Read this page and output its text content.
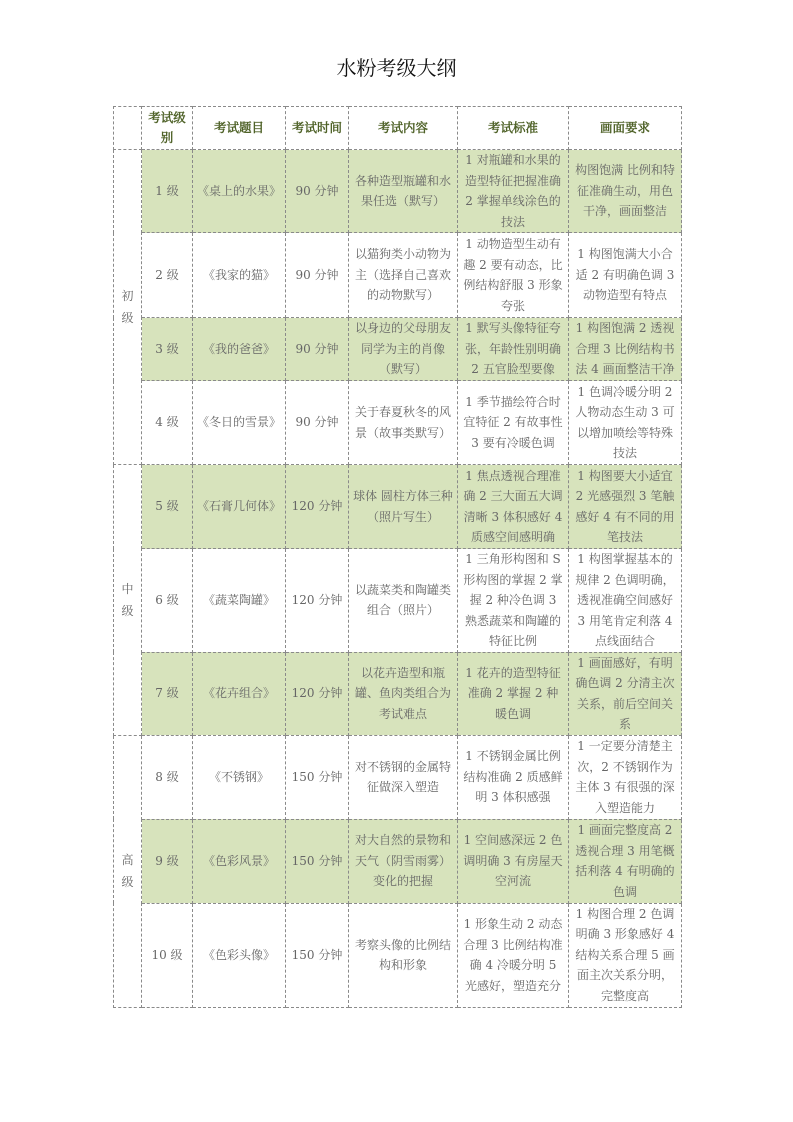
水粉考级大纲
	考试级别	考试题目	考试时间	考试内容	考试标准	画面要求

初级	1 级	《桌上的水果》	90 分钟	各种造型瓶罐和水果任选（默写）	1 对瓶罐和水果的造型特征把握准确 2 掌握单线涂色的技法	构图饱满 比例和特征准确生动，用色干净，画面整洁
	2 级	《我家的猫》	90 分钟	以猫狗类小动物为主（选择自己喜欢的动物默写）	1 动物造型生动有趣 2 要有动态，比例结构舒服 3 形象夸张	1 构图饱满大小合适 2 有明确色调 3 动物造型有特点
	3 级	《我的爸爸》	90 分钟	以身边的父母朋友同学为主的肖像（默写）	1 默写头像特征夸张，年龄性别明确 2 五官脸型要像	1 构图饱满 2 透视合理 3 比例结构书法 4 画面整洁干净
	4 级	《冬日的雪景》	90 分钟	关于春夏秋冬的风景（故事类默写）	1 季节描绘符合时宜特征 2 有故事性 3 要有冷暖色调	1 色调冷暖分明 2 人物动态生动 3 可以增加喷绘等特殊技法

中级	5 级	《石膏几何体》	120 分钟	球体 圆柱方体三种（照片写生）	1 焦点透视合理准确 2 三大面五大调清晰 3 体积感好 4 质感空间感明确	1 构图要大小适宜 2 光感强烈 3 笔触感好 4 有不同的用笔技法
	6 级	《蔬菜陶罐》	120 分钟	以蔬菜类和陶罐类组合（照片）	1 三角形构图和 S 形构图的掌握 2 掌握 2 种冷色调 3 熟悉蔬菜和陶罐的特征比例	1 构图掌握基本的规律 2 色调明确，透视准确空间感好 3 用笔肯定利落 4 点线面结合
	7 级	《花卉组合》	120 分钟	以花卉造型和瓶罐、鱼肉类组合为考试难点	1 花卉的造型特征准确 2 掌握 2 种暖色调	1 画面感好，有明确色调 2 分清主次关系，前后空间关系

高级	8 级	《不锈钢》	150 分钟	对不锈钢的金属特征做深入塑造	1 不锈钢金属比例结构准确 2 质感鲜明 3 体积感强	1 一定要分清楚主次，2 不锈钢作为主体 3 有很强的深入塑造能力
	9 级	《色彩风景》	150 分钟	对大自然的景物和天气（阴雪雨雾）变化的把握	1 空间感深远 2 色调明确 3 有房屋天空河流	1 画面完整度高 2 透视合理 3 用笔概括利落 4 有明确的色调
	10 级	《色彩头像》	150 分钟	考察头像的比例结构和形象	1 形象生动 2 动态合理 3 比例结构准确 4 冷暖分明 5 光感好，塑造充分	1 构图合理 2 色调明确 3 形象感好 4 结构关系合理 5 画面主次关系分明，完整度高
